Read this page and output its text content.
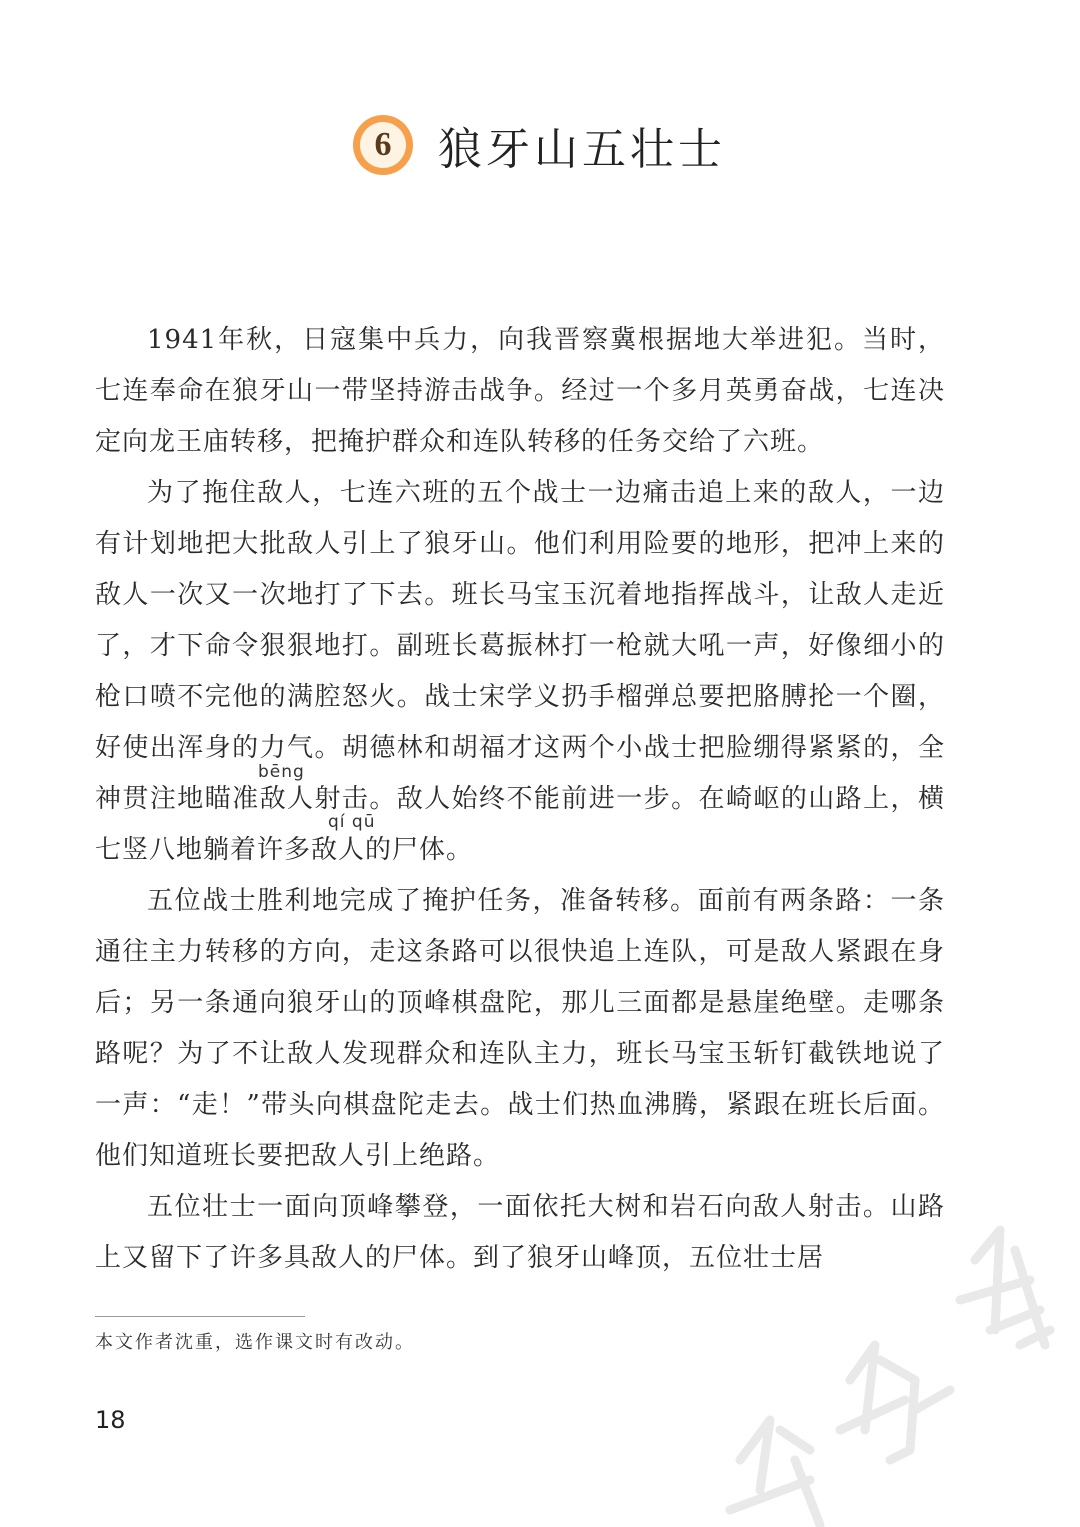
6	狼牙山五壮士

1941年秋，日寇集中兵力，向我晋察冀根据地大举进犯。当时，七连奉命在狼牙山一带坚持游击战争。经过一个多月英勇奋战，七连决定向龙王庙转移，把掩护群众和连队转移的任务交给了六班。

为了拖住敌人，七连六班的五个战士一边痛击追上来的敌人，一边有计划地把大批敌人引上了狼牙山。他们利用险要的地形，把冲上来的敌人一次又一次地打了下去。班长马宝玉沉着地指挥战斗，让敌人走近了，才下命令狠狠地打。副班长葛振林打一枪就大吼一声，好像细小的枪口喷不完他的满腔怒火。战士宋学义扔手榴弹总要把胳膊抡一个圈，好使出浑身的力气。胡德林和胡福才这两个小战士把脸绷得紧紧的，全神贯注地瞄准敌人射击。敌人始终不能前进一步。在崎岖的山路上，横七竖八地躺着许多敌人的尸体。

五位战士胜利地完成了掩护任务，准备转移。面前有两条路：一条通往主力转移的方向，走这条路可以很快追上连队，可是敌人紧跟在身后；另一条通向狼牙山的顶峰棋盘陀，那儿三面都是悬崖绝壁。走哪条路呢？为了不让敌人发现群众和连队主力，班长马宝玉斩钉截铁地说了一声：“走！”带头向棋盘陀走去。战士们热血沸腾，紧跟在班长后面。他们知道班长要把敌人引上绝路。

五位壮士一面向顶峰攀登，一面依托大树和岩石向敌人射击。山路上又留下了许多具敌人的尸体。到了狼牙山峰顶，五位壮士居

bēng
qí qū
本文作者沈重，选作课文时有改动。
18
